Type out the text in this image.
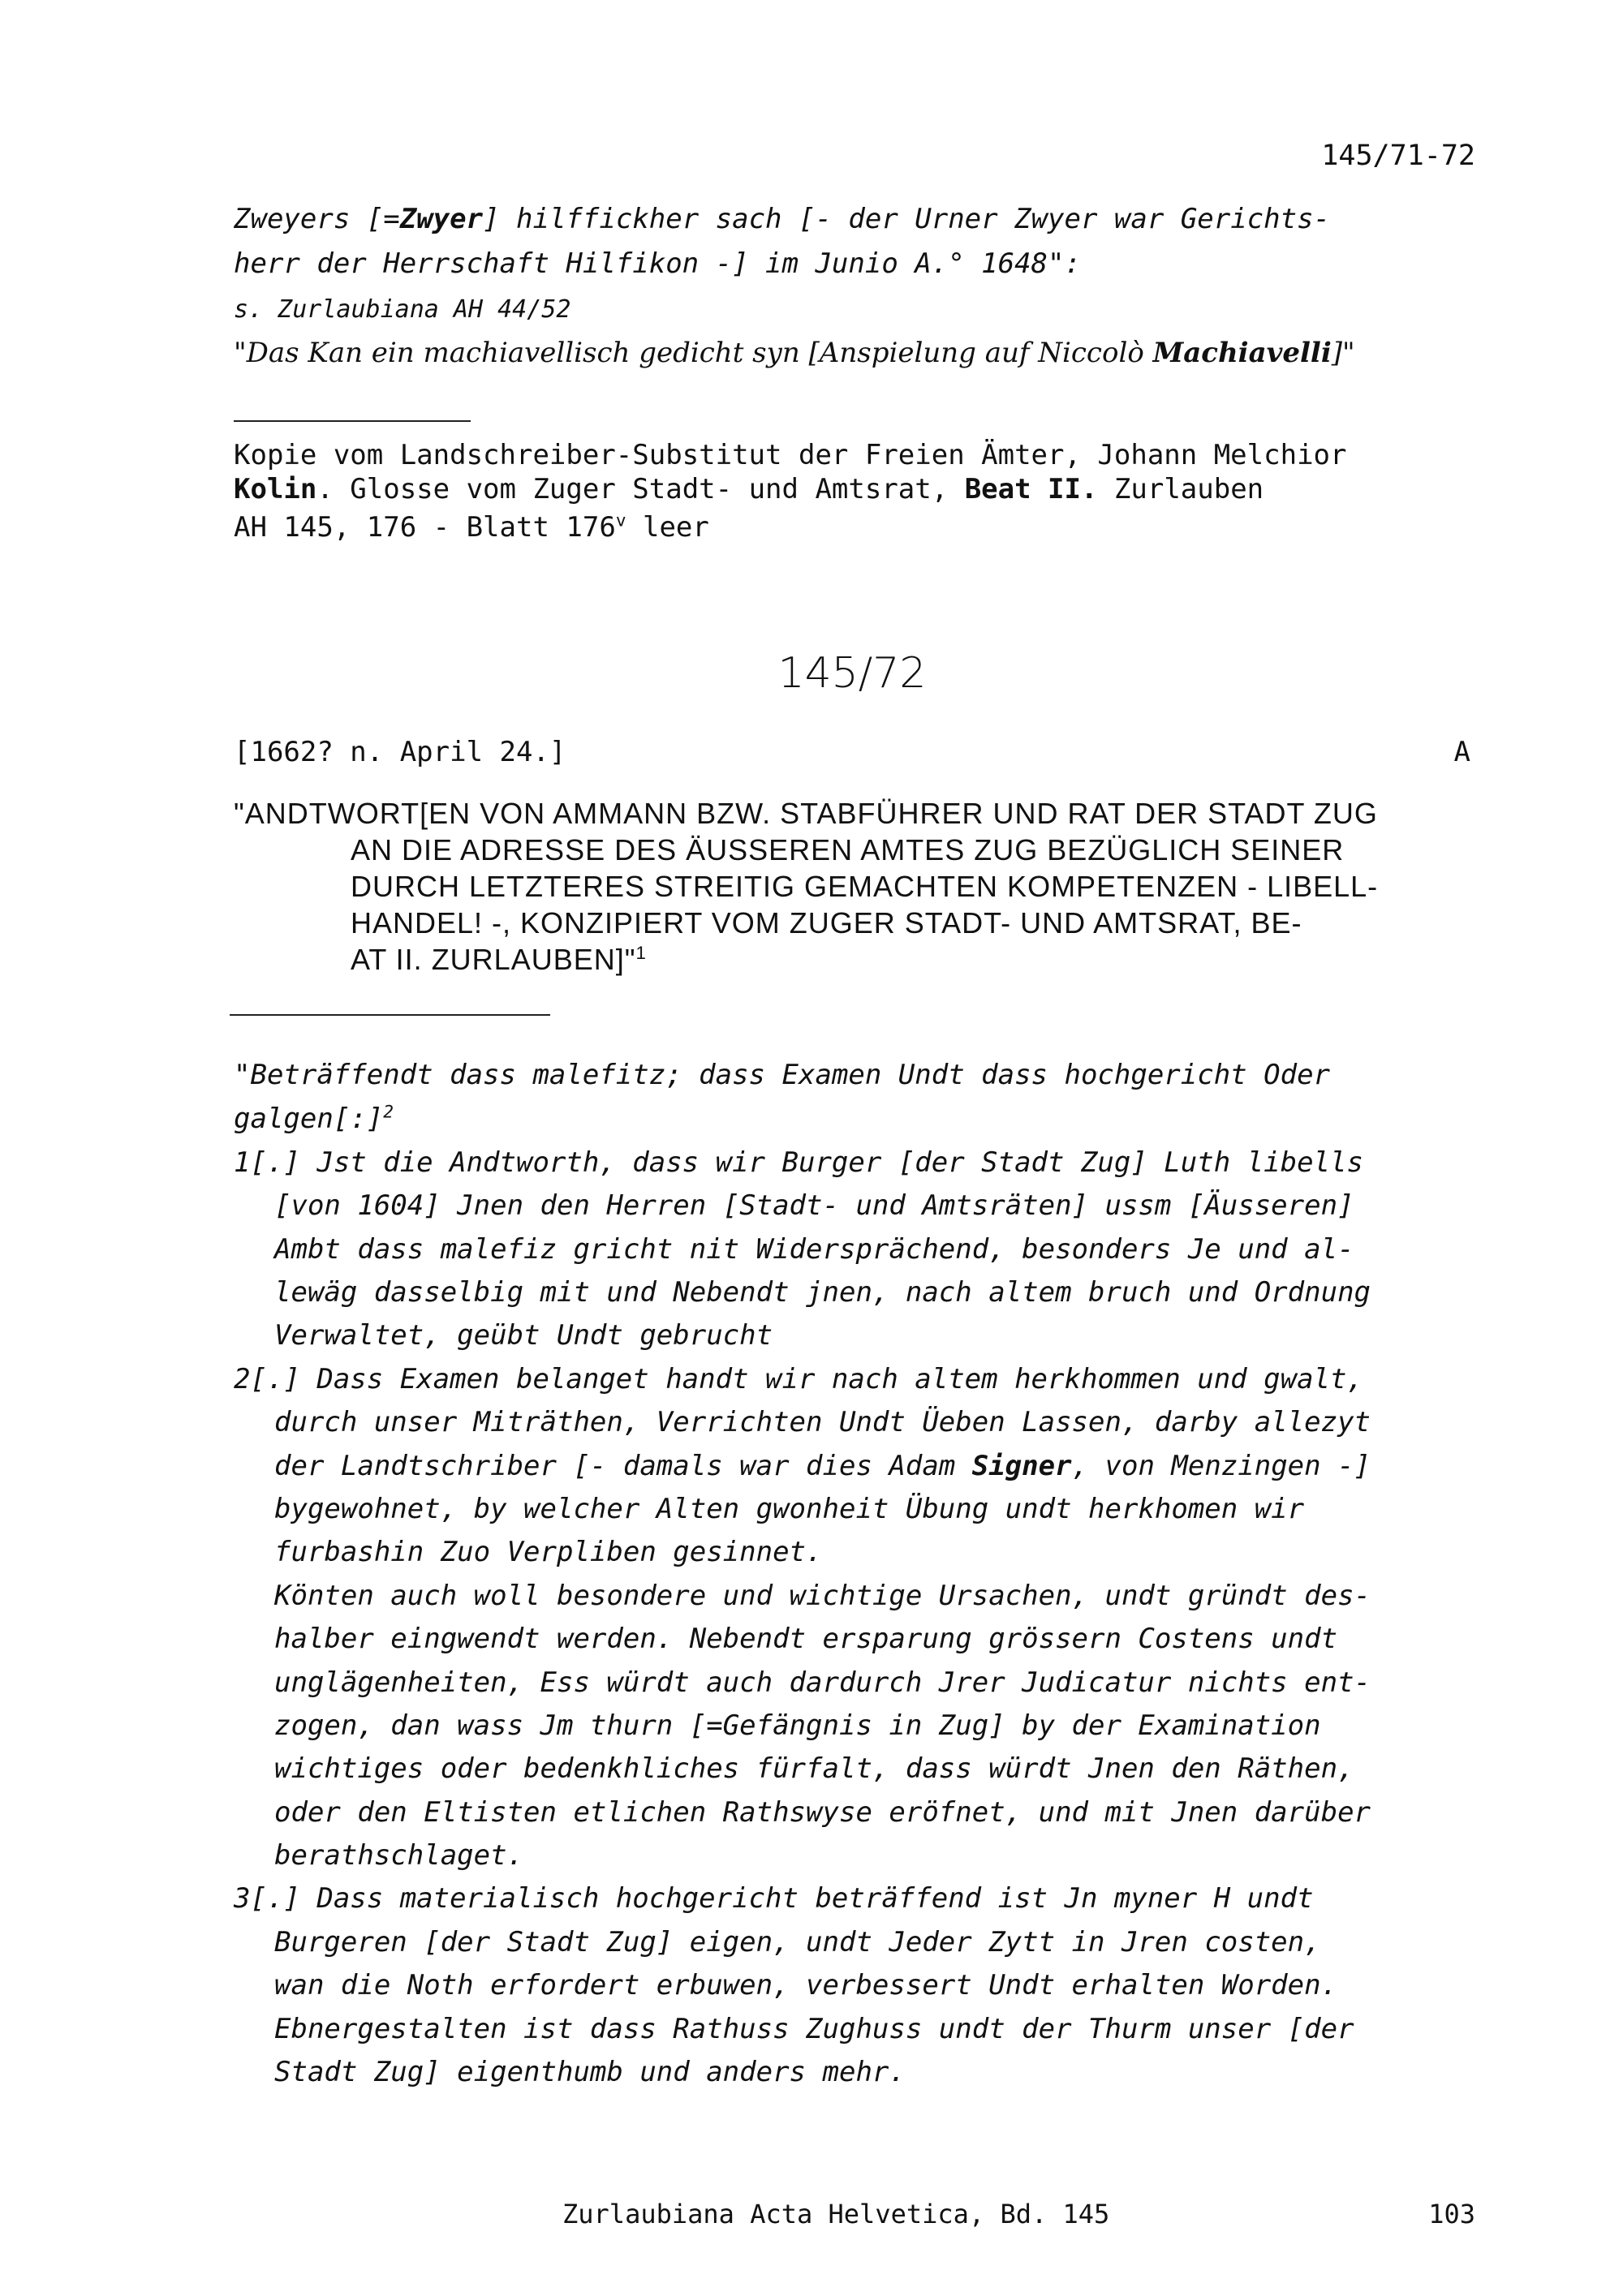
145/71-72
Zweyers [=Zwyer] hilffickher sach [- der Urner Zwyer war Gerichts-
herr der Herrschaft Hilfikon -] im Junio A.° 1648":
s. Zurlaubiana AH 44/52
"Das Kan ein machiavellisch gedicht syn [Anspielung auf Niccolò Machiavelli]"
Kopie vom Landschreiber-Substitut der Freien Ämter, Johann Melchior
Kolin. Glosse vom Zuger Stadt- und Amtsrat, Beat II. Zurlauben
AH 145, 176 - Blatt 176$^v$ leer
145/72
[1662? n. April 24.]	A
"ANDTWORT[EN VON AMMANN BZW. STABFÜHRER UND RAT DER STADT ZUG
AN DIE ADRESSE DES ÄUSSEREN AMTES ZUG BEZÜGLICH SEINER
DURCH LETZTERES STREITIG GEMACHTEN KOMPETENZEN - LIBELL-
HANDEL! -, KONZIPIERT VOM ZUGER STADT- UND AMTSRAT, BE-
AT II. ZURLAUBEN]"$^1$
"Beträffendt dass malefitz; dass Examen Undt dass hochgericht Oder
galgen[:]$^2$
1[.] Jst die Andtworth, dass wir Burger [der Stadt Zug] Luth libells
[von 1604] Jnen den Herren [Stadt- und Amtsräten] ussm [Äusseren]
Ambt dass malefiz gricht nit Widersprächend, besonders Je und al-
lewäg dasselbig mit und Nebendt jnen, nach altem bruch und Ordnung
Verwaltet, geübt Undt gebrucht
2[.] Dass Examen belanget handt wir nach altem herkhommen und gwalt,
durch unser Miträthen, Verrichten Undt Üeben Lassen, darby allezyt
der Landtschriber [- damals war dies Adam Signer, von Menzingen -]
bygewohnet, by welcher Alten gwonheit Übung undt herkhomen wir
furbashin Zuo Verpliben gesinnet.
Könten auch woll besondere und wichtige Ursachen, undt gründt des-
halber eingwendt werden. Nebendt ersparung grössern Costens undt
unglägenheiten, Ess würdt auch dardurch Jrer Judicatur nichts ent-
zogen, dan wass Jm thurn [=Gefängnis in Zug] by der Examination
wichtiges oder bedenkhliches fürfalt, dass würdt Jnen den Räthen,
oder den Eltisten etlichen Rathswyse eröfnet, und mit Jnen darüber
berathschlaget.
3[.] Dass materialisch hochgericht beträffend ist Jn myner H undt
Burgeren [der Stadt Zug] eigen, undt Jeder Zytt in Jren costen,
wan die Noth erfordert erbuwen, verbessert Undt erhalten Worden.
Ebnergestalten ist dass Rathuss Zughuss undt der Thurm unser [der
Stadt Zug] eigenthumb und anders mehr.
Zurlaubiana Acta Helvetica, Bd. 145	103
